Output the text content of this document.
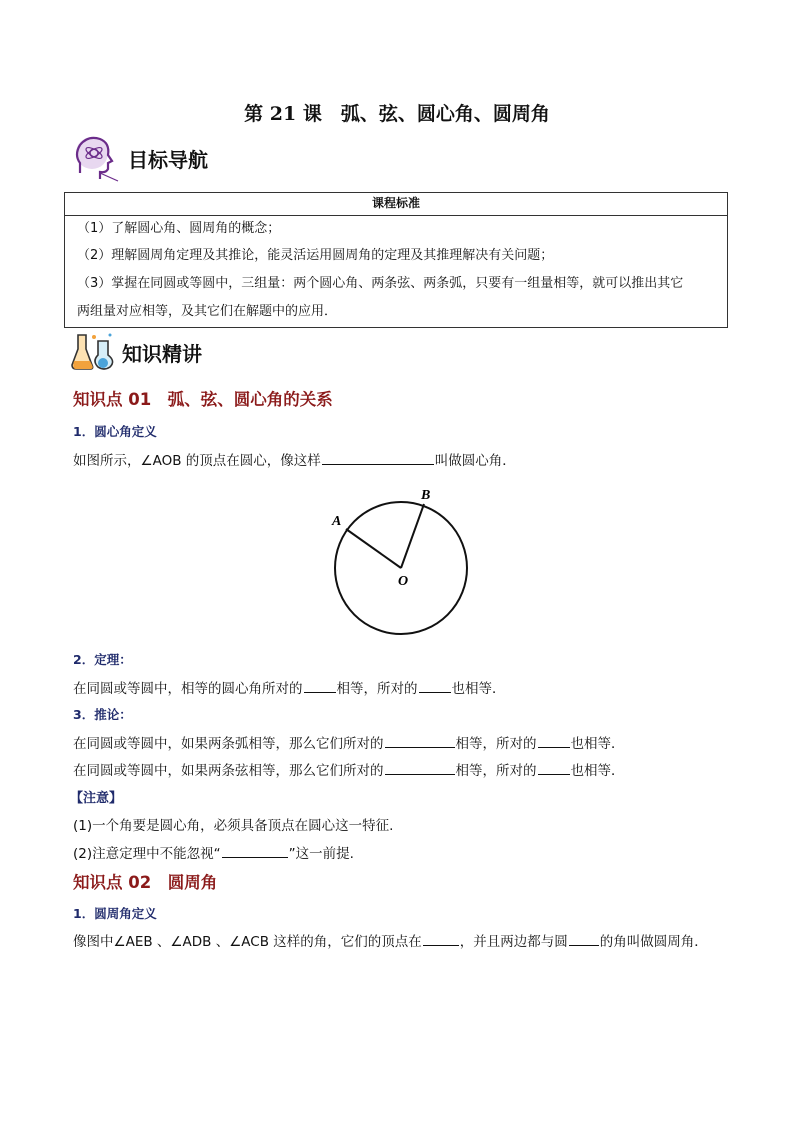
第 21 课　弧、弦、圆心角、圆周角
目标导航
课程标准
（1）了解圆心角、圆周角的概念；
（2）理解圆周角定理及其推论，能灵活运用圆周角的定理及其推理解决有关问题；
（3）掌握在同圆或等圆中，三组量：两个圆心角、两条弦、两条弧，只要有一组量相等，就可以推出其它
两组量对应相等，及其它们在解题中的应用．
知识精讲
知识点 01　弧、弦、圆心角的关系
1．圆心角定义
如图所示，∠AOB 的顶点在圆心，像这样	叫做圆心角．
A
B
O
2．定理：
在同圆或等圆中，相等的圆心角所对的	相等，所对的	也相等．
3．推论：
在同圆或等圆中，如果两条弧相等，那么它们所对的	相等，所对的	也相等．
在同圆或等圆中，如果两条弦相等，那么它们所对的	相等，所对的	也相等．
【注意】
(1)一个角要是圆心角，必须具备顶点在圆心这一特征.
(2)注意定理中不能忽视“	”这一前提.
知识点 02　圆周角
1．圆周角定义
像图中∠AEB 、∠ADB 、∠ACB 这样的角，它们的顶点在	，并且两边都与圆 的角叫做圆周角．
